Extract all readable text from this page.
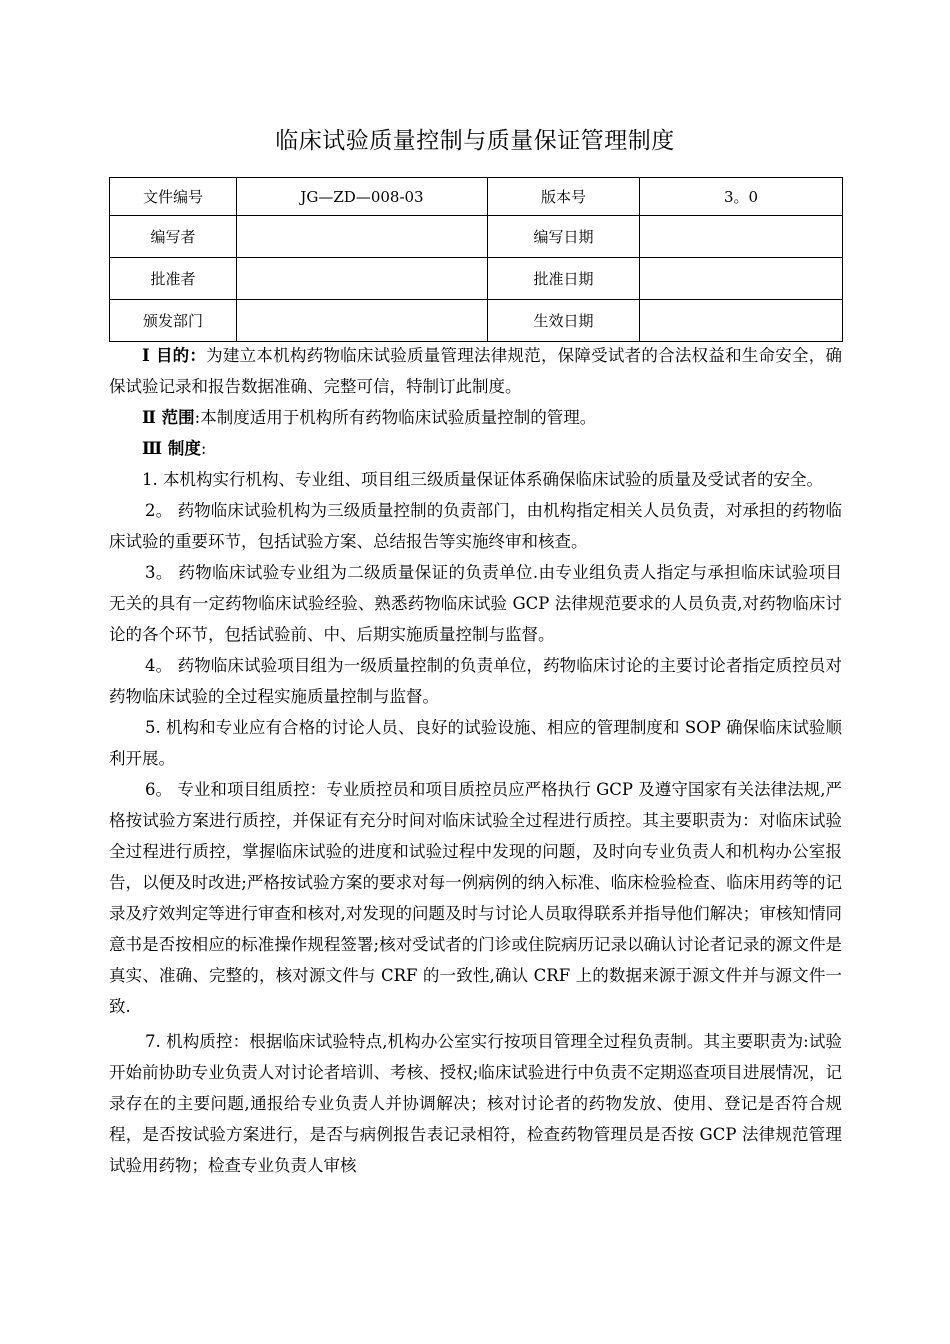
临床试验质量控制与质量保证管理制度
文件编号	JG—ZD—008-03	版本号	3。0
编写者		编写日期	
批准者		批准日期	
颁发部门		生效日期	

Ⅰ 目的：为建立本机构药物临床试验质量管理法律规范，保障受试者的合法权益和生命安全，确保试验记录和报告数据准确、完整可信，特制订此制度。

Ⅱ 范围:本制度适用于机构所有药物临床试验质量控制的管理。

Ⅲ 制度:

1. 本机构实行机构、专业组、项目组三级质量保证体系确保临床试验的质量及受试者的安全。

2。 药物临床试验机构为三级质量控制的负责部门，由机构指定相关人员负责，对承担的药物临床试验的重要环节，包括试验方案、总结报告等实施终审和核查。

3。 药物临床试验专业组为二级质量保证的负责单位.由专业组负责人指定与承担临床试验项目无关的具有一定药物临床试验经验、熟悉药物临床试验 GCP 法律规范要求的人员负责,对药物临床讨论的各个环节，包括试验前、中、后期实施质量控制与监督。

4。 药物临床试验项目组为一级质量控制的负责单位，药物临床讨论的主要讨论者指定质控员对药物临床试验的全过程实施质量控制与监督。

5. 机构和专业应有合格的讨论人员、良好的试验设施、相应的管理制度和 SOP 确保临床试验顺利开展。

6。 专业和项目组质控：专业质控员和项目质控员应严格执行 GCP 及遵守国家有关法律法规,严格按试验方案进行质控，并保证有充分时间对临床试验全过程进行质控。其主要职责为：对临床试验全过程进行质控，掌握临床试验的进度和试验过程中发现的问题，及时向专业负责人和机构办公室报告，以便及时改进;严格按试验方案的要求对每一例病例的纳入标准、临床检验检查、临床用药等的记录及疗效判定等进行审查和核对,对发现的问题及时与讨论人员取得联系并指导他们解决；审核知情同意书是否按相应的标准操作规程签署;核对受试者的门诊或住院病历记录以确认讨论者记录的源文件是真实、准确、完整的，核对源文件与 CRF 的一致性,确认 CRF 上的数据来源于源文件并与源文件一致.

7. 机构质控：根据临床试验特点,机构办公室实行按项目管理全过程负责制。其主要职责为:试验开始前协助专业负责人对讨论者培训、考核、授权;临床试验进行中负责不定期巡查项目进展情况，记录存在的主要问题,通报给专业负责人并协调解决；核对讨论者的药物发放、使用、登记是否符合规程，是否按试验方案进行，是否与病例报告表记录相符，检查药物管理员是否按 GCP 法律规范管理试验用药物；检查专业负责人审核
